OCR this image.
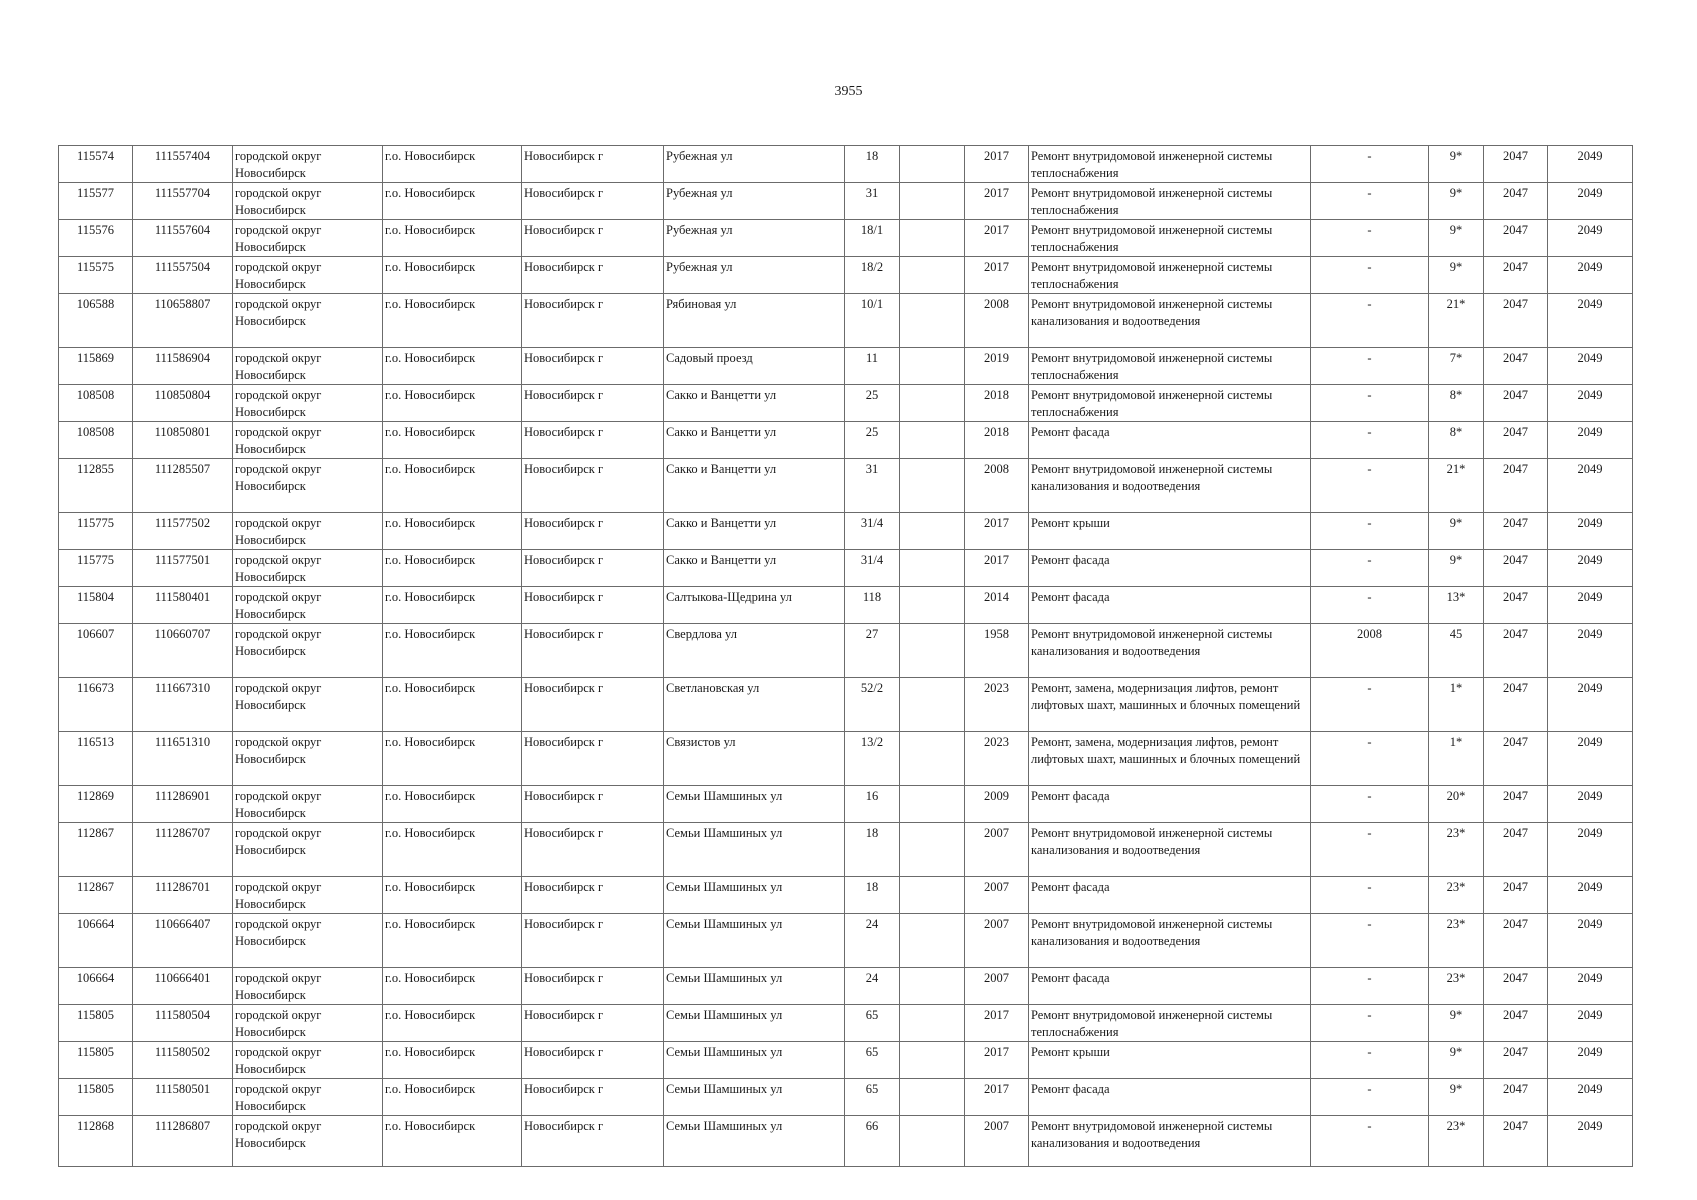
3955
115574	111557404	городской округ Новосибирск	г.о. Новосибирск	Новосибирск г	Рубежная ул	18		2017	Ремонт внутридомовой инженерной системы теплоснабжения	-	9*	2047	2049
115577	111557704	городской округ Новосибирск	г.о. Новосибирск	Новосибирск г	Рубежная ул	31		2017	Ремонт внутридомовой инженерной системы теплоснабжения	-	9*	2047	2049
115576	111557604	городской округ Новосибирск	г.о. Новосибирск	Новосибирск г	Рубежная ул	18/1		2017	Ремонт внутридомовой инженерной системы теплоснабжения	-	9*	2047	2049
115575	111557504	городской округ Новосибирск	г.о. Новосибирск	Новосибирск г	Рубежная ул	18/2		2017	Ремонт внутридомовой инженерной системы теплоснабжения	-	9*	2047	2049
106588	110658807	городской округ Новосибирск	г.о. Новосибирск	Новосибирск г	Рябиновая ул	10/1		2008	Ремонт внутридомовой инженерной системы канализования и водоотведения	-	21*	2047	2049
115869	111586904	городской округ Новосибирск	г.о. Новосибирск	Новосибирск г	Садовый проезд	11		2019	Ремонт внутридомовой инженерной системы теплоснабжения	-	7*	2047	2049
108508	110850804	городской округ Новосибирск	г.о. Новосибирск	Новосибирск г	Сакко и Ванцетти ул	25		2018	Ремонт внутридомовой инженерной системы теплоснабжения	-	8*	2047	2049
108508	110850801	городской округ Новосибирск	г.о. Новосибирск	Новосибирск г	Сакко и Ванцетти ул	25		2018	Ремонт фасада	-	8*	2047	2049
112855	111285507	городской округ Новосибирск	г.о. Новосибирск	Новосибирск г	Сакко и Ванцетти ул	31		2008	Ремонт внутридомовой инженерной системы канализования и водоотведения	-	21*	2047	2049
115775	111577502	городской округ Новосибирск	г.о. Новосибирск	Новосибирск г	Сакко и Ванцетти ул	31/4		2017	Ремонт крыши	-	9*	2047	2049
115775	111577501	городской округ Новосибирск	г.о. Новосибирск	Новосибирск г	Сакко и Ванцетти ул	31/4		2017	Ремонт фасада	-	9*	2047	2049
115804	111580401	городской округ Новосибирск	г.о. Новосибирск	Новосибирск г	Салтыкова-Щедрина ул	118		2014	Ремонт фасада	-	13*	2047	2049
106607	110660707	городской округ Новосибирск	г.о. Новосибирск	Новосибирск г	Свердлова ул	27		1958	Ремонт внутридомовой инженерной системы канализования и водоотведения	2008	45	2047	2049
116673	111667310	городской округ Новосибирск	г.о. Новосибирск	Новосибирск г	Светлановская ул	52/2		2023	Ремонт, замена, модернизация лифтов, ремонт лифтовых шахт, машинных и блочных помещений	-	1*	2047	2049
116513	111651310	городской округ Новосибирск	г.о. Новосибирск	Новосибирск г	Связистов ул	13/2		2023	Ремонт, замена, модернизация лифтов, ремонт лифтовых шахт, машинных и блочных помещений	-	1*	2047	2049
112869	111286901	городской округ Новосибирск	г.о. Новосибирск	Новосибирск г	Семьи Шамшиных ул	16		2009	Ремонт фасада	-	20*	2047	2049
112867	111286707	городской округ Новосибирск	г.о. Новосибирск	Новосибирск г	Семьи Шамшиных ул	18		2007	Ремонт внутридомовой инженерной системы канализования и водоотведения	-	23*	2047	2049
112867	111286701	городской округ Новосибирск	г.о. Новосибирск	Новосибирск г	Семьи Шамшиных ул	18		2007	Ремонт фасада	-	23*	2047	2049
106664	110666407	городской округ Новосибирск	г.о. Новосибирск	Новосибирск г	Семьи Шамшиных ул	24		2007	Ремонт внутридомовой инженерной системы канализования и водоотведения	-	23*	2047	2049
106664	110666401	городской округ Новосибирск	г.о. Новосибирск	Новосибирск г	Семьи Шамшиных ул	24		2007	Ремонт фасада	-	23*	2047	2049
115805	111580504	городской округ Новосибирск	г.о. Новосибирск	Новосибирск г	Семьи Шамшиных ул	65		2017	Ремонт внутридомовой инженерной системы теплоснабжения	-	9*	2047	2049
115805	111580502	городской округ Новосибирск	г.о. Новосибирск	Новосибирск г	Семьи Шамшиных ул	65		2017	Ремонт крыши	-	9*	2047	2049
115805	111580501	городской округ Новосибирск	г.о. Новосибирск	Новосибирск г	Семьи Шамшиных ул	65		2017	Ремонт фасада	-	9*	2047	2049
112868	111286807	городской округ Новосибирск	г.о. Новосибирск	Новосибирск г	Семьи Шамшиных ул	66		2007	Ремонт внутридомовой инженерной системы канализования и водоотведения	-	23*	2047	2049
